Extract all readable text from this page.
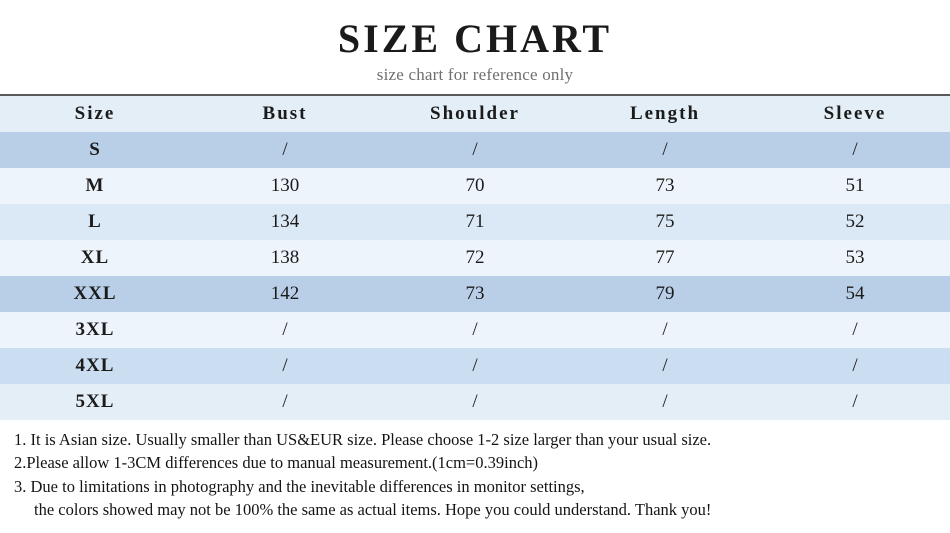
SIZE CHART

size chart for reference only

Size	Bust	Shoulder	Length	Sleeve
S	/	/	/	/
M	130	70	73	51
L	134	71	75	52
XL	138	72	77	53
XXL	142	73	79	54
3XL	/	/	/	/
4XL	/	/	/	/
5XL	/	/	/	/
1. It is Asian size. Usually smaller than US&EUR size. Please choose 1-2 size larger than your usual size.
2.Please allow 1-3CM differences due to manual measurement.(1cm=0.39inch)
3. Due to limitations in photography and the inevitable differences in monitor settings,
the colors showed may not be 100% the same as actual items. Hope you could understand. Thank you!
